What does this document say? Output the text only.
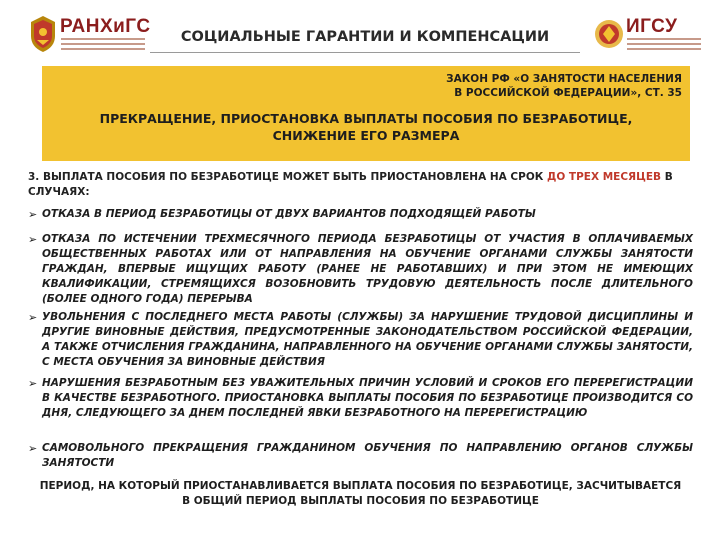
РАНХиГС	СОЦИАЛЬНЫЕ ГАРАНТИИ И КОМПЕНСАЦИИ	ИГСУ
ЗАКОН РФ «О ЗАНЯТОСТИ НАСЕЛЕНИЯ
В РОССИЙСКОЙ ФЕДЕРАЦИИ», СТ. 35
ПРЕКРАЩЕНИЕ, ПРИОСТАНОВКА ВЫПЛАТЫ ПОСОБИЯ ПО БЕЗРАБОТИЦЕ,
СНИЖЕНИЕ ЕГО РАЗМЕРА
3. ВЫПЛАТА ПОСОБИЯ ПО БЕЗРАБОТИЦЕ МОЖЕТ БЫТЬ ПРИОСТАНОВЛЕНА НА СРОК ДО ТРЕХ МЕСЯЦЕВ В СЛУЧАЯХ:
➢ ОТКАЗА В ПЕРИОД БЕЗРАБОТИЦЫ ОТ ДВУХ ВАРИАНТОВ ПОДХОДЯЩЕЙ РАБОТЫ
➢ ОТКАЗА ПО ИСТЕЧЕНИИ ТРЕХМЕСЯЧНОГО ПЕРИОДА БЕЗРАБОТИЦЫ ОТ УЧАСТИЯ В ОПЛАЧИВАЕМЫХ ОБЩЕСТВЕННЫХ РАБОТАХ ИЛИ ОТ НАПРАВЛЕНИЯ НА ОБУЧЕНИЕ ОРГАНАМИ СЛУЖБЫ ЗАНЯТОСТИ ГРАЖДАН, ВПЕРВЫЕ ИЩУЩИХ РАБОТУ (РАНЕЕ НЕ РАБОТАВШИХ) И ПРИ ЭТОМ НЕ ИМЕЮЩИХ КВАЛИФИКАЦИИ, СТРЕМЯЩИХСЯ ВОЗОБНОВИТЬ ТРУДОВУЮ ДЕЯТЕЛЬНОСТЬ ПОСЛЕ ДЛИТЕЛЬНОГО (БОЛЕЕ ОДНОГО ГОДА) ПЕРЕРЫВА
➢ УВОЛЬНЕНИЯ С ПОСЛЕДНЕГО МЕСТА РАБОТЫ (СЛУЖБЫ) ЗА НАРУШЕНИЕ ТРУДОВОЙ ДИСЦИПЛИНЫ И ДРУГИЕ ВИНОВНЫЕ ДЕЙСТВИЯ, ПРЕДУСМОТРЕННЫЕ ЗАКОНОДАТЕЛЬСТВОМ РОССИЙСКОЙ ФЕДЕРАЦИИ, А ТАКЖЕ ОТЧИСЛЕНИЯ ГРАЖДАНИНА, НАПРАВЛЕННОГО НА ОБУЧЕНИЕ ОРГАНАМИ СЛУЖБЫ ЗАНЯТОСТИ, С МЕСТА ОБУЧЕНИЯ ЗА ВИНОВНЫЕ ДЕЙСТВИЯ
➢ НАРУШЕНИЯ БЕЗРАБОТНЫМ БЕЗ УВАЖИТЕЛЬНЫХ ПРИЧИН УСЛОВИЙ И СРОКОВ ЕГО ПЕРЕРЕГИСТРАЦИИ В КАЧЕСТВЕ БЕЗРАБОТНОГО. ПРИОСТАНОВКА ВЫПЛАТЫ ПОСОБИЯ ПО БЕЗРАБОТИЦЕ ПРОИЗВОДИТСЯ СО ДНЯ, СЛЕДУЮЩЕГО ЗА ДНЕМ ПОСЛЕДНЕЙ ЯВКИ БЕЗРАБОТНОГО НА ПЕРЕРЕГИСТРАЦИЮ
➢ САМОВОЛЬНОГО ПРЕКРАЩЕНИЯ ГРАЖДАНИНОМ ОБУЧЕНИЯ ПО НАПРАВЛЕНИЮ ОРГАНОВ СЛУЖБЫ ЗАНЯТОСТИ
ПЕРИОД, НА КОТОРЫЙ ПРИОСТАНАВЛИВАЕТСЯ ВЫПЛАТА ПОСОБИЯ ПО БЕЗРАБОТИЦЕ, ЗАСЧИТЫВАЕТСЯ
В ОБЩИЙ ПЕРИОД ВЫПЛАТЫ ПОСОБИЯ ПО БЕЗРАБОТИЦЕ
